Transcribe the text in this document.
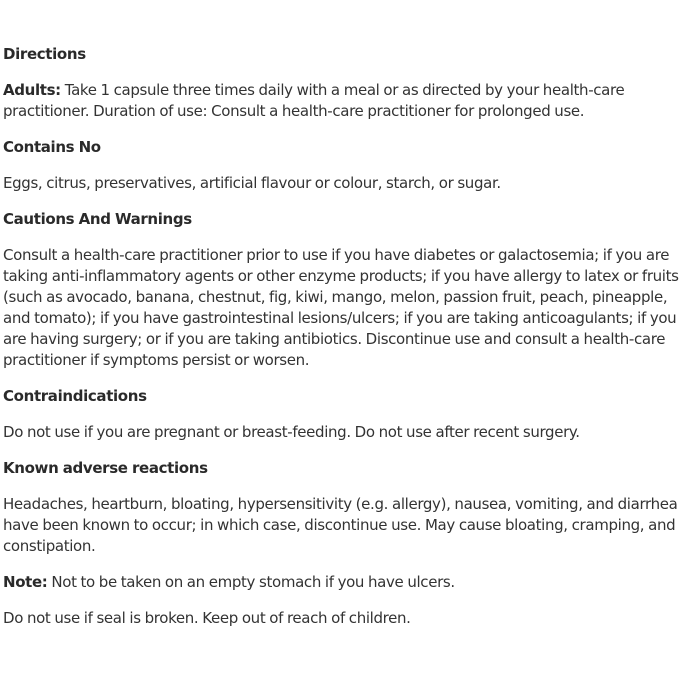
Directions
Adults: Take 1 capsule three times daily with a meal or as directed by your health-care practitioner. Duration of use: Consult a health-care practitioner for prolonged use.
Contains No
Eggs, citrus, preservatives, artificial flavour or colour, starch, or sugar.
Cautions And Warnings
Consult a health-care practitioner prior to use if you have diabetes or galactosemia; if you are taking anti-inflammatory agents or other enzyme products; if you have allergy to latex or fruits (such as avocado, banana, chestnut, fig, kiwi, mango, melon, passion fruit, peach, pineapple, and tomato); if you have gastrointestinal lesions/ulcers; if you are taking anticoagulants; if you are having surgery; or if you are taking antibiotics. Discontinue use and consult a health-care practitioner if symptoms persist or worsen.
Contraindications
Do not use if you are pregnant or breast-feeding. Do not use after recent surgery.
Known adverse reactions
Headaches, heartburn, bloating, hypersensitivity (e.g. allergy), nausea, vomiting, and diarrhea have been known to occur; in which case, discontinue use. May cause bloating, cramping, and constipation.
Note: Not to be taken on an empty stomach if you have ulcers.
Do not use if seal is broken. Keep out of reach of children.
